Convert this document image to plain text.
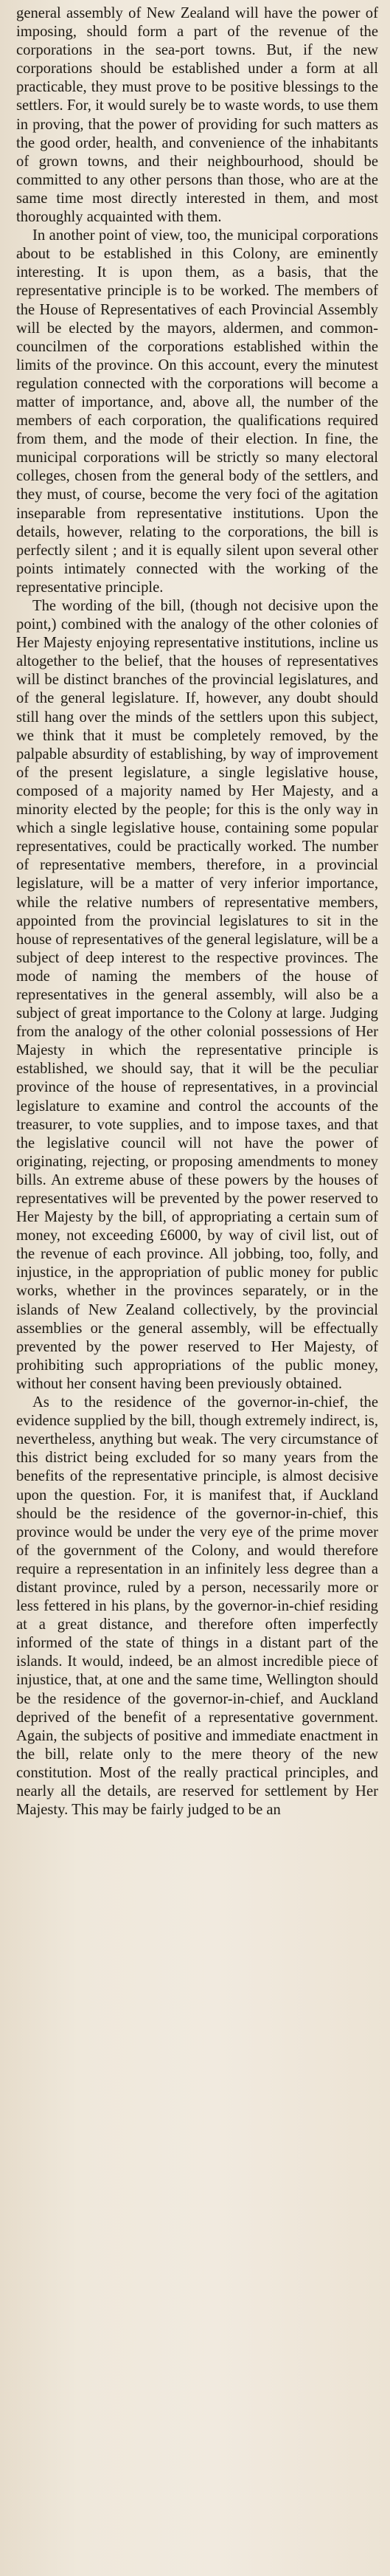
general assembly of New Zealand will have the power of imposing, should form a part of the revenue of the corporations in the sea-port towns. But, if the new corporations should be established under a form at all practicable, they must prove to be positive blessings to the settlers. For, it would surely be to waste words, to use them in proving, that the power of providing for such matters as the good order, health, and convenience of the inhabitants of grown towns, and their neighbourhood, should be committed to any other persons than those, who are at the same time most directly interested in them, and most thoroughly acquainted with them.

In another point of view, too, the municipal corporations about to be established in this Colony, are eminently interesting. It is upon them, as a basis, that the representative principle is to be worked. The members of the House of Representatives of each Provincial Assembly will be elected by the mayors, aldermen, and common-councilmen of the corporations established within the limits of the province. On this account, every the minutest regulation connected with the corporations will become a matter of importance, and, above all, the number of the members of each corporation, the qualifications required from them, and the mode of their election. In fine, the municipal corporations will be strictly so many electoral colleges, chosen from the general body of the settlers, and they must, of course, become the very foci of the agitation inseparable from representative institutions. Upon the details, however, relating to the corporations, the bill is perfectly silent ; and it is equally silent upon several other points intimately connected with the working of the representative principle.

The wording of the bill, (though not decisive upon the point,) combined with the analogy of the other colonies of Her Majesty enjoying representative institutions, incline us altogether to the belief, that the houses of representatives will be distinct branches of the provincial legislatures, and of the general legislature. If, however, any doubt should still hang over the minds of the settlers upon this subject, we think that it must be completely removed, by the palpable absurdity of establishing, by way of improvement of the present legislature, a single legislative house, composed of a majority named by Her Majesty, and a minority elected by the people; for this is the only way in which a single legislative house, containing some popular representatives, could be practically worked. The number of representative members, therefore, in a provincial legislature, will be a matter of very inferior importance, while the relative numbers of representative members, appointed from the provincial legislatures to sit in the house of representatives of the general legislature, will be a subject of deep interest to the respective provinces. The mode of naming the members of the house of representatives in the general assembly, will also be a subject of great importance to the Colony at large. Judging from the analogy of the other colonial possessions of Her Majesty in which the representative principle is established, we should say, that it will be the peculiar province of the house of representatives, in a provincial legislature to examine and control the accounts of the treasurer, to vote supplies, and to impose taxes, and that the legislative council will not have the power of originating, rejecting, or proposing amendments to money bills. An extreme abuse of these powers by the houses of representatives will be prevented by the power reserved to Her Majesty by the bill, of appropriating a certain sum of money, not exceeding £6000, by way of civil list, out of the revenue of each province. All jobbing, too, folly, and injustice, in the appropriation of public money for public works, whether in the provinces separately, or in the islands of New Zealand collectively, by the provincial assemblies or the general assembly, will be effectually prevented by the power reserved to Her Majesty, of prohibiting such appropriations of the public money, without her consent having been previously obtained.

As to the residence of the governor-in-chief, the evidence supplied by the bill, though extremely indirect, is, nevertheless, anything but weak. The very circumstance of this district being excluded for so many years from the benefits of the representative principle, is almost decisive upon the question. For, it is manifest that, if Auckland should be the residence of the governor-in-chief, this province would be under the very eye of the prime mover of the government of the Colony, and would therefore require a representation in an infinitely less degree than a distant province, ruled by a person, necessarily more or less fettered in his plans, by the governor-in-chief residing at a great distance, and therefore often imperfectly informed of the state of things in a distant part of the islands. It would, indeed, be an almost incredible piece of injustice, that, at one and the same time, Wellington should be the residence of the governor-in-chief, and Auckland deprived of the benefit of a representative government. Again, the subjects of positive and immediate enactment in the bill, relate only to the mere theory of the new constitution. Most of the really practical principles, and nearly all the details, are reserved for settlement by Her Majesty. This may be fairly judged to be an
